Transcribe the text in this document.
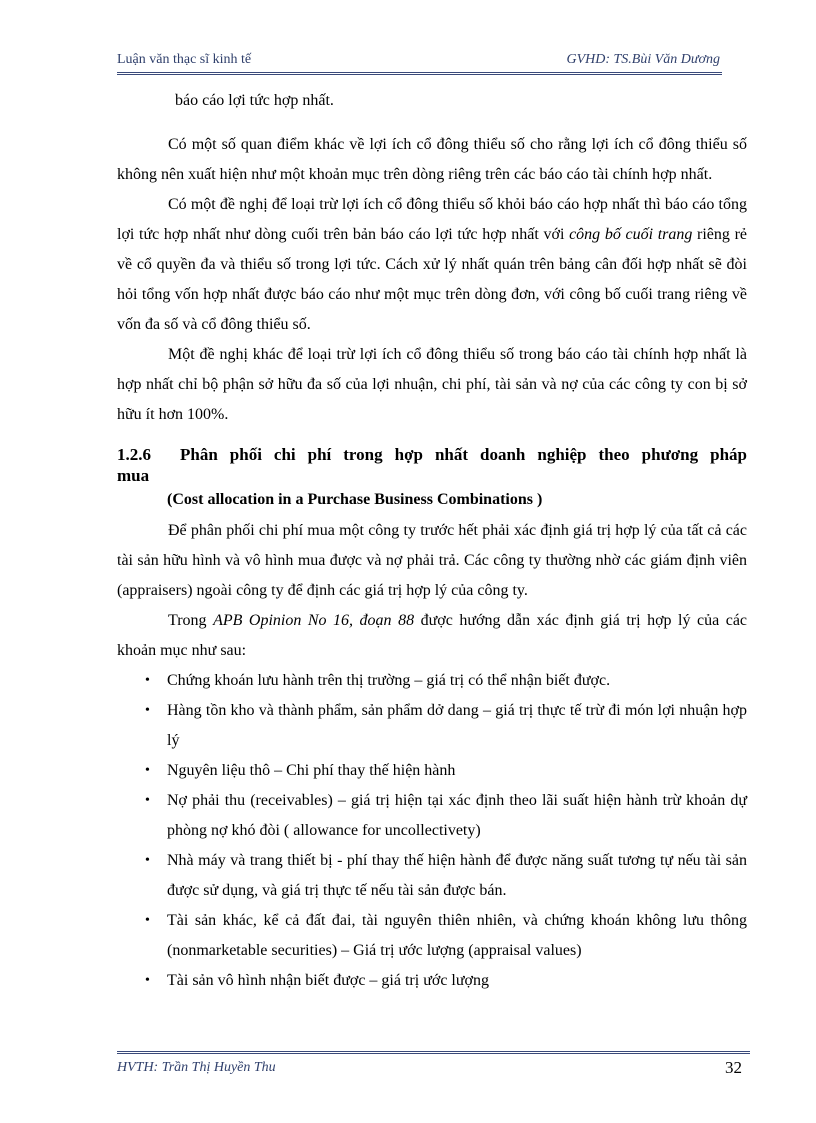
Luận văn thạc sĩ kinh tế	GVHD: TS.Bùi Văn Dương

báo cáo lợi tức hợp nhất.

Có một số quan điểm khác về lợi ích cổ đông thiểu số cho rằng lợi ích cổ đông thiểu số không nên xuất hiện như một khoản mục trên dòng riêng trên các báo cáo tài chính hợp nhất.

Có một đề nghị để loại trừ lợi ích cổ đông thiểu số khỏi báo cáo hợp nhất thì báo cáo tổng lợi tức hợp nhất như dòng cuối trên bản báo cáo lợi tức hợp nhất với công bố cuối trang riêng rẻ về cổ quyền đa và thiểu số trong lợi tức. Cách xử lý nhất quán trên bảng cân đối hợp nhất sẽ đòi hỏi tổng vốn hợp nhất được báo cáo như một mục trên dòng đơn, với công bố cuối trang riêng về vốn đa số và cổ đông thiểu số.

Một đề nghị khác để loại trừ lợi ích cổ đông thiểu số trong báo cáo tài chính hợp nhất là hợp nhất chỉ bộ phận sở hữu đa số của lợi nhuận, chi phí, tài sản và nợ của các công ty con bị sở hữu ít hơn 100%.

1.2.6	Phân phối chi phí trong hợp nhất doanh nghiệp theo phương pháp
mua
(Cost allocation in a Purchase Business Combinations )

Để phân phối chi phí mua một công ty trước hết phải xác định giá trị hợp lý của tất cả các tài sản hữu hình và vô hình mua được và nợ phải trả. Các công ty thường nhờ các giám định viên (appraisers) ngoài công ty để định các giá trị hợp lý của công ty.

Trong APB Opinion No 16, đoạn 88 được hướng dẫn xác định giá trị hợp lý của các khoản mục như sau:

• Chứng khoán lưu hành trên thị trường – giá trị có thể nhận biết được.
• Hàng tồn kho và thành phẩm, sản phẩm dở dang – giá trị thực tế trừ đi món lợi nhuận hợp lý
• Nguyên liệu thô – Chi phí thay thế hiện hành
• Nợ phải thu (receivables) – giá trị hiện tại xác định theo lãi suất hiện hành trừ khoản dự phòng nợ khó đòi ( allowance for uncollectivety)
• Nhà máy và trang thiết bị - phí thay thế hiện hành để được năng suất tương tự nếu tài sản được sử dụng, và giá trị thực tế nếu tài sản được bán.
• Tài sản khác, kể cả đất đai, tài nguyên thiên nhiên, và chứng khoán không lưu thông (nonmarketable securities) – Giá trị ước lượng (appraisal values)
• Tài sản vô hình nhận biết được – giá trị ước lượng
HVTH: Trần Thị Huyền Thu	32
